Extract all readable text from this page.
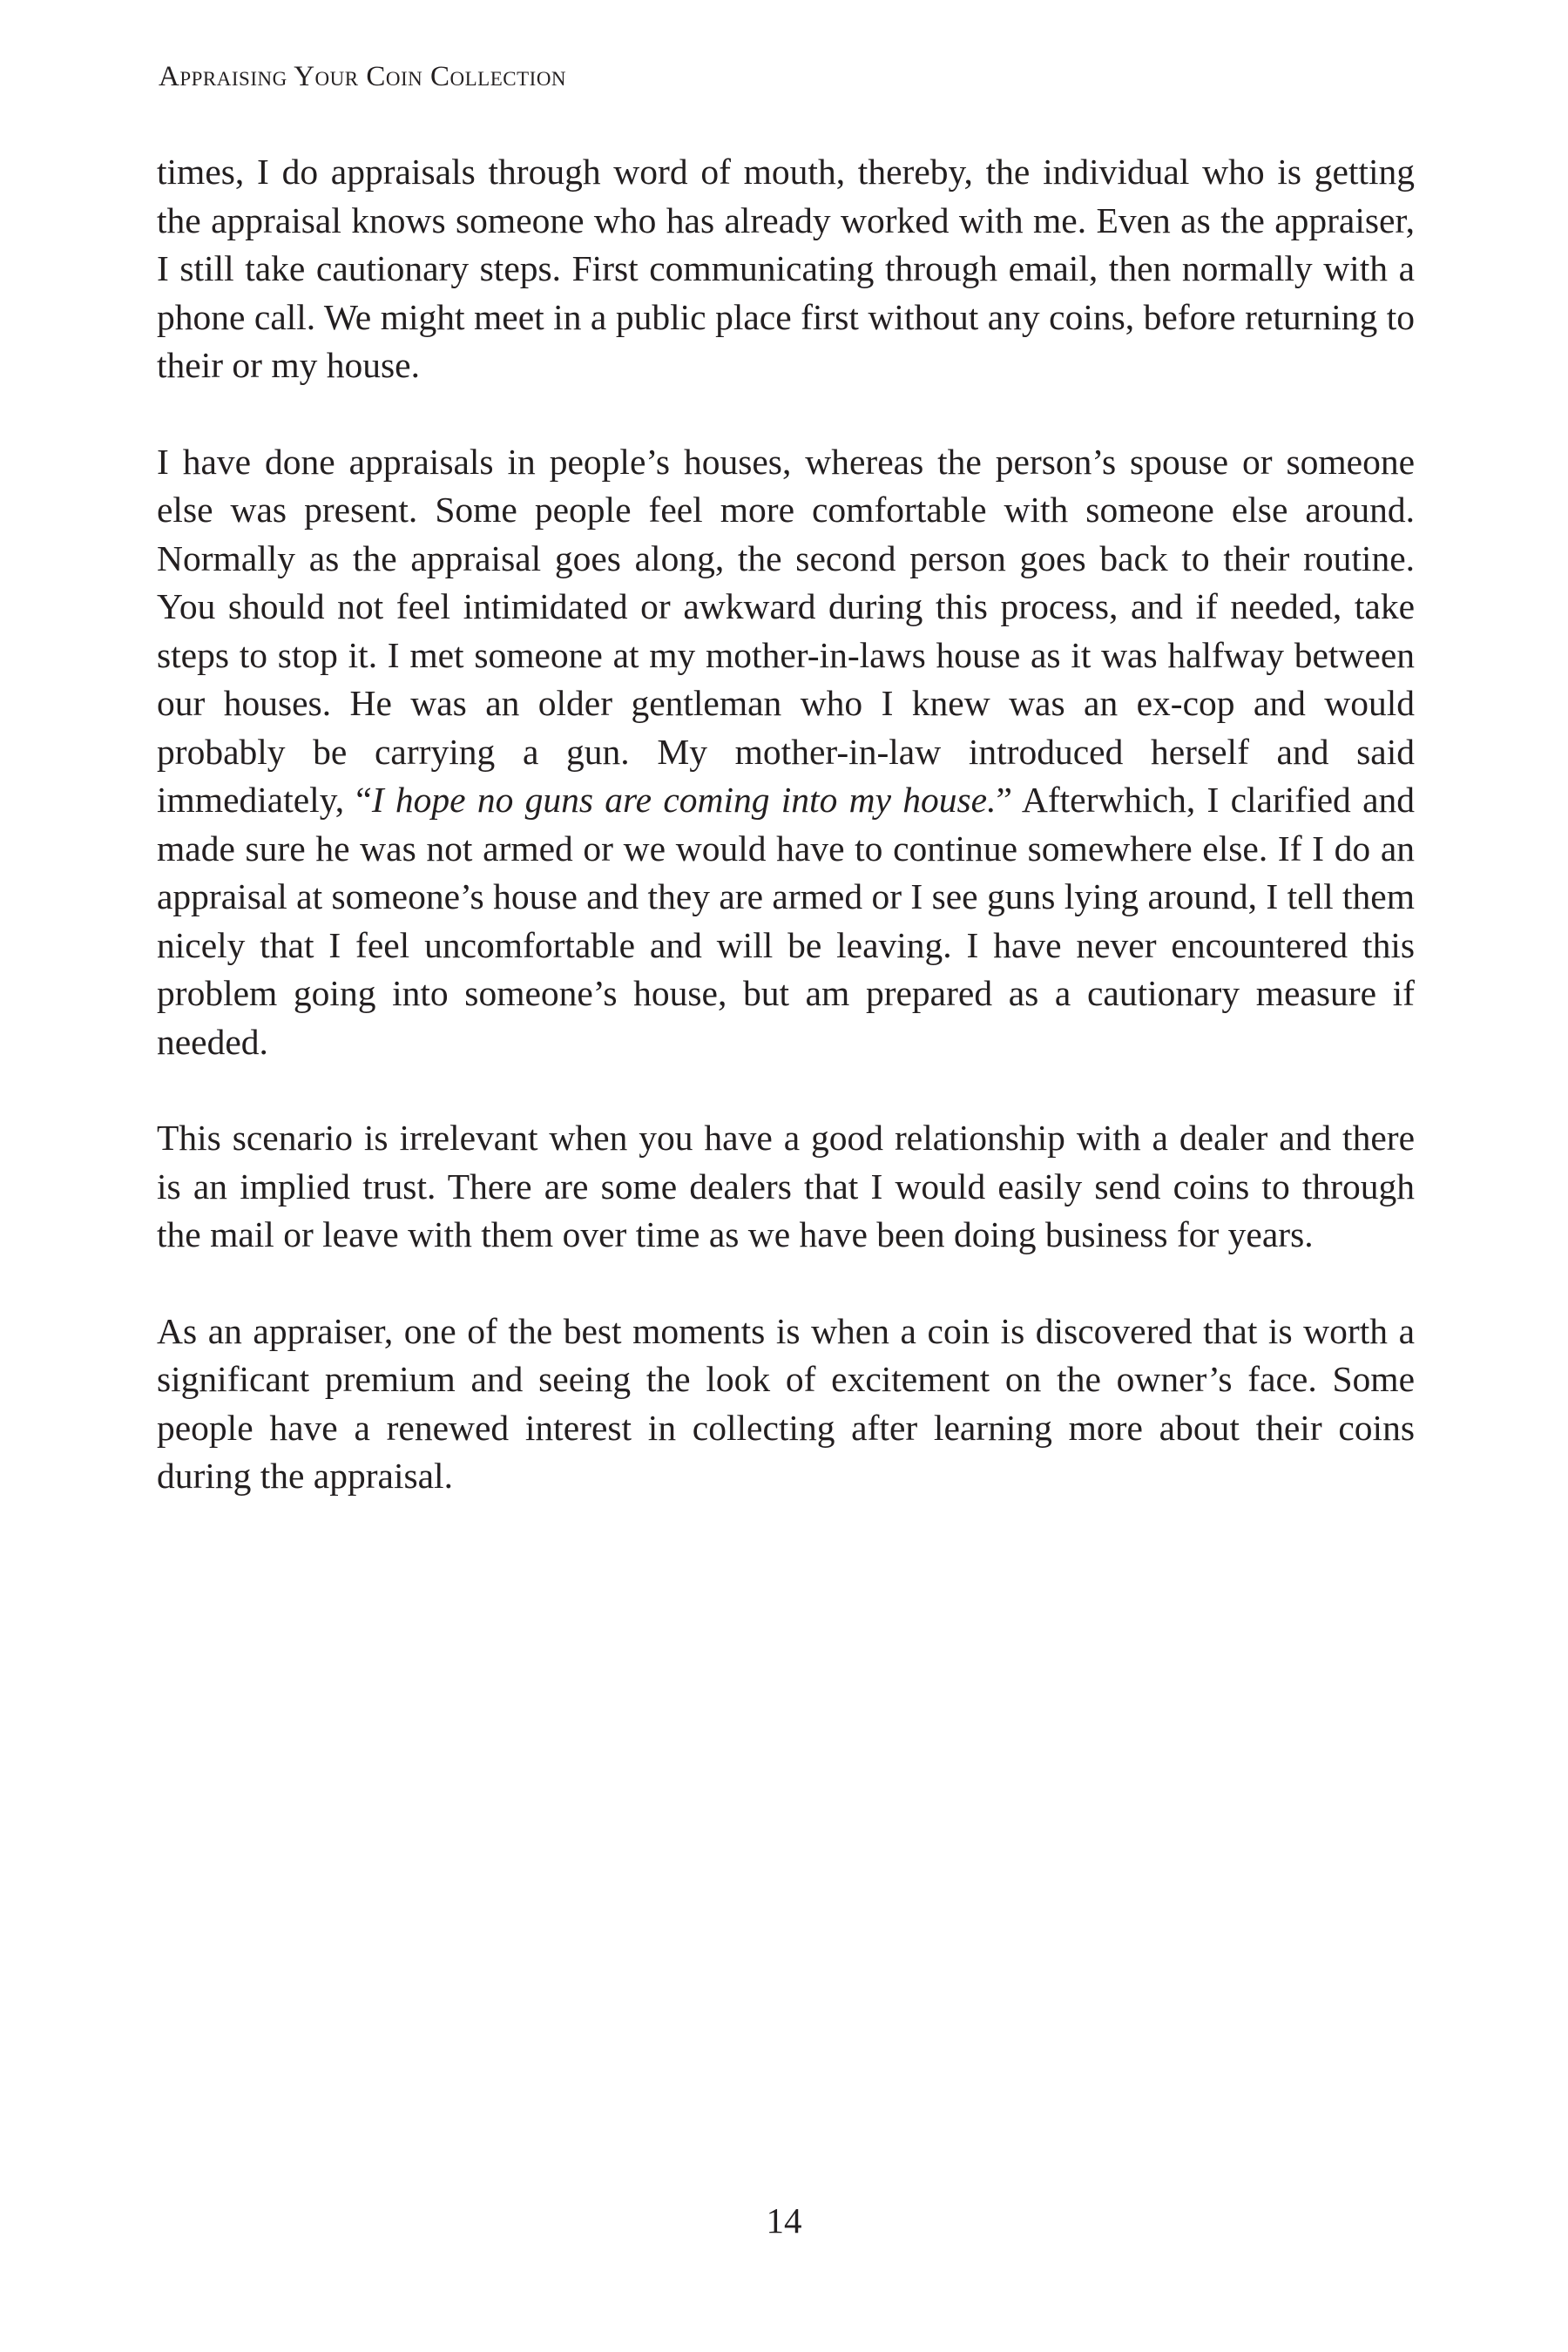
Appraising Your Coin Collection

times, I do appraisals through word of mouth, thereby, the individual who is getting the appraisal knows someone who has already worked with me. Even as the appraiser, I still take cautionary steps. First communicating through email, then normally with a phone call. We might meet in a public place first without any coins, before returning to their or my house.

I have done appraisals in people’s houses, whereas the person’s spouse or someone else was present. Some people feel more comfortable with someone else around. Normally as the appraisal goes along, the second person goes back to their routine. You should not feel intimidated or awkward during this process, and if needed, take steps to stop it. I met someone at my mother-in-laws house as it was halfway between our houses. He was an older gentleman who I knew was an ex-cop and would probably be carrying a gun. My mother-in-law introduced herself and said immediately, “I hope no guns are coming into my house.” Afterwhich, I clarified and made sure he was not armed or we would have to continue somewhere else. If I do an appraisal at someone’s house and they are armed or I see guns lying around, I tell them nicely that I feel uncomfortable and will be leaving. I have never encountered this problem going into someone’s house, but am prepared as a cautionary measure if needed.

This scenario is irrelevant when you have a good relationship with a dealer and there is an implied trust. There are some dealers that I would easily send coins to through the mail or leave with them over time as we have been doing business for years.

As an appraiser, one of the best moments is when a coin is discovered that is worth a significant premium and seeing the look of excitement on the owner’s face. Some people have a renewed interest in collecting after learning more about their coins during the appraisal.

14
